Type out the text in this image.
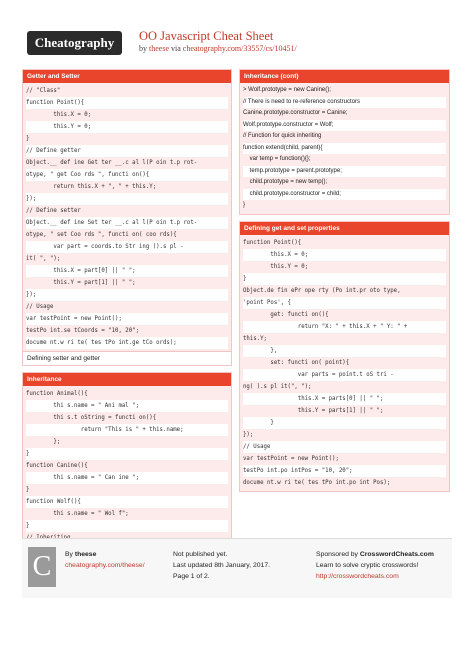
Cheatography	OO Javascript Cheat Sheet
by theese via cheatography.com/33557/cs/10451/
Getter and Setter
// "Class"
function Point(){
this.X = 0;
this.Y = 0;
}
// Define getter
Object.__ def ine Get ter __.c al l(P oin t.p rot-
otype, " get Coo rds ", functi on(){
return this.X + ", " + this.Y;
});
// Define setter
Object.__ def ine Set ter __.c al l(P oin t.p rot-
otype, " set Coo rds ", functi on( coo rds){
var part = coords.to Str ing ().s pl -
it( ", ");
this.X = part[0] || " ";
this.Y = part[1] || " ";
});
// Usage
var testPoint = new Point();
testPo int.se tCoords = "10, 20";
docume nt.w ri te( tes tPo int.ge tCo ords);
Defining setter and getter
Inheritance
function Animal(){
thi s.name = " Ani mal ";
thi s.t oString = functi on(){
return "This is " + this.name;
};
}
function Canine(){
thi s.name = " Can ine ";
}
function Wolf(){
thi s.name = " Wol f";
}
Inheritance (cont)
> Wolf.prototype = new Canine();
// There is need to re-reference constructors
Canine.prototype.constructor = Canine;
Wolf.prototype.constructor = Wolf;
// Function for quick inheriting
function extend(child, parent){
var temp = function(){};
temp.prototype = parent.prototype;
child.prototype = new temp();
child.prototype.constructor = child;
}
Defining get and set properties
function Point(){
this.X = 0;
this.Y = 0;
}
Object.de fin ePr ope rty (Po int.pr oto type,
'point Pos', {
get: functi on(){
return "X: " + this.X + " Y: " +
this.Y;
},
set: functi on( point){
var parts = point.t oS tri -
ng( ).s pl it(", ");
this.X = parts[0] || " ";
this.Y = parts[1] || " ";
}
});
// Usage
var testPoint = new Point();
testPo int.po intPos = "10, 20";
docume nt.w ri te( tes tPo int.po int Pos);
C	By theese
cheatography.com/theese/
Not published yet.
Last updated 8th January, 2017.
Page 1 of 2.
Sponsored by CrosswordCheats.com
Learn to solve cryptic crosswords!
http://crosswordcheats.com
